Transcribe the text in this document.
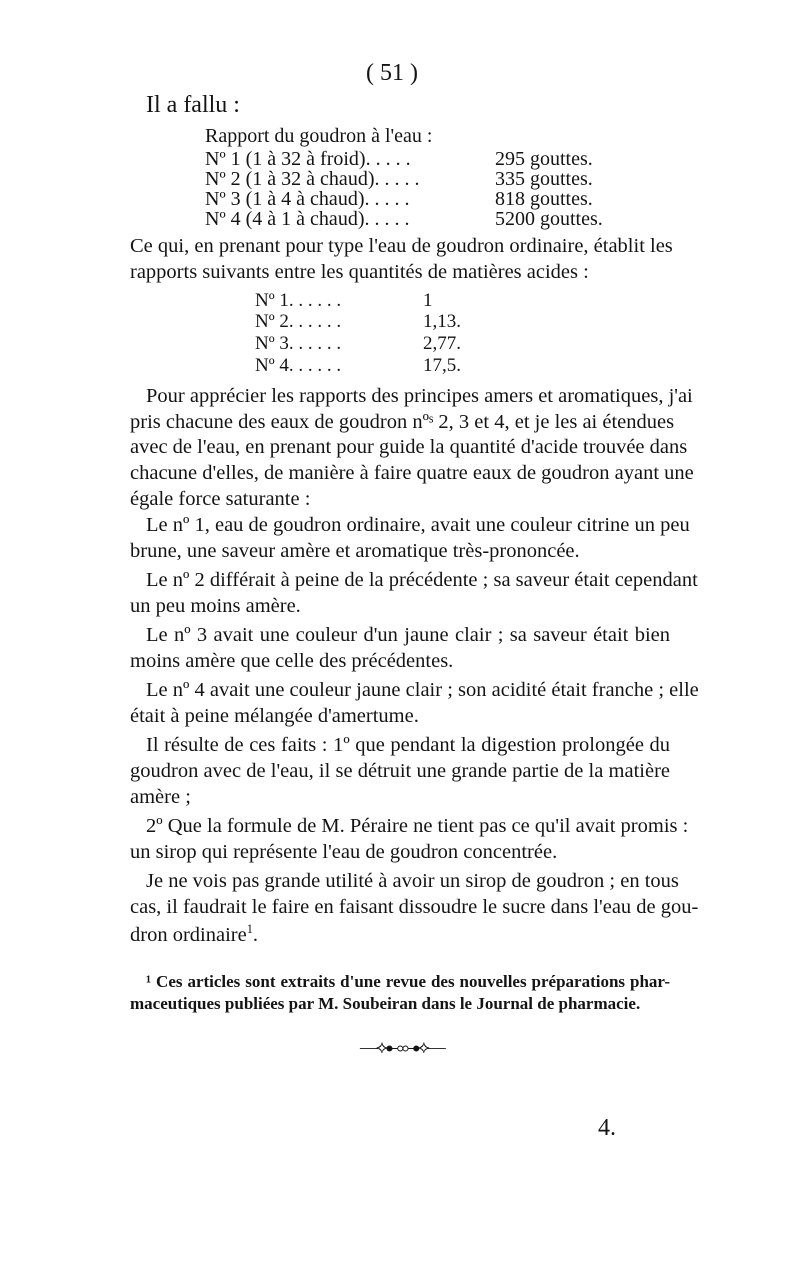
( 51 )
Il a fallu :
Rapport du goudron à l'eau :
Nº 1 (1 à 32 à froid). . . . .	295 gouttes.
Nº 2 (1 à 32 à chaud). . . . .	335 gouttes.
Nº 3 (1 à 4 à chaud). . . . .	818 gouttes.
Nº 4 (4 à 1 à chaud). . . . .	5200 gouttes.
Ce qui, en prenant pour type l'eau de goudron ordinaire, établit les
rapports suivants entre les quantités de matières acides :
Nº 1. . . . . .	1
Nº 2. . . . . .	1,13.
Nº 3. . . . . .	2,77.
Nº 4. . . . . .	17,5.
Pour apprécier les rapports des principes amers et aromatiques, j'ai
pris chacune des eaux de goudron nºˢ 2, 3 et 4, et je les ai étendues
avec de l'eau, en prenant pour guide la quantité d'acide trouvée dans
chacune d'elles, de manière à faire quatre eaux de goudron ayant une
égale force saturante :
Le nº 1, eau de goudron ordinaire, avait une couleur citrine un peu
brune, une saveur amère et aromatique très-prononcée.
Le nº 2 différait à peine de la précédente ; sa saveur était cependant
un peu moins amère.
Le nº 3 avait une couleur d'un jaune clair ; sa saveur était bien
moins amère que celle des précédentes.
Le nº 4 avait une couleur jaune clair ; son acidité était franche ; elle
était à peine mélangée d'amertume.
Il résulte de ces faits : 1º que pendant la digestion prolongée du
goudron avec de l'eau, il se détruit une grande partie de la matière
amère ;
2º Que la formule de M. Péraire ne tient pas ce qu'il avait promis :
un sirop qui représente l'eau de goudron concentrée.
Je ne vois pas grande utilité à avoir un sirop de goudron ; en tous
cas, il faudrait le faire en faisant dissoudre le sucre dans l'eau de gou-
dron ordinaire$^1$.
¹ Ces articles sont extraits d'une revue des nouvelles préparations phar-
maceutiques publiées par M. Soubeiran dans le Journal de pharmacie.
—⟡⊷⊶⟡—
4.
